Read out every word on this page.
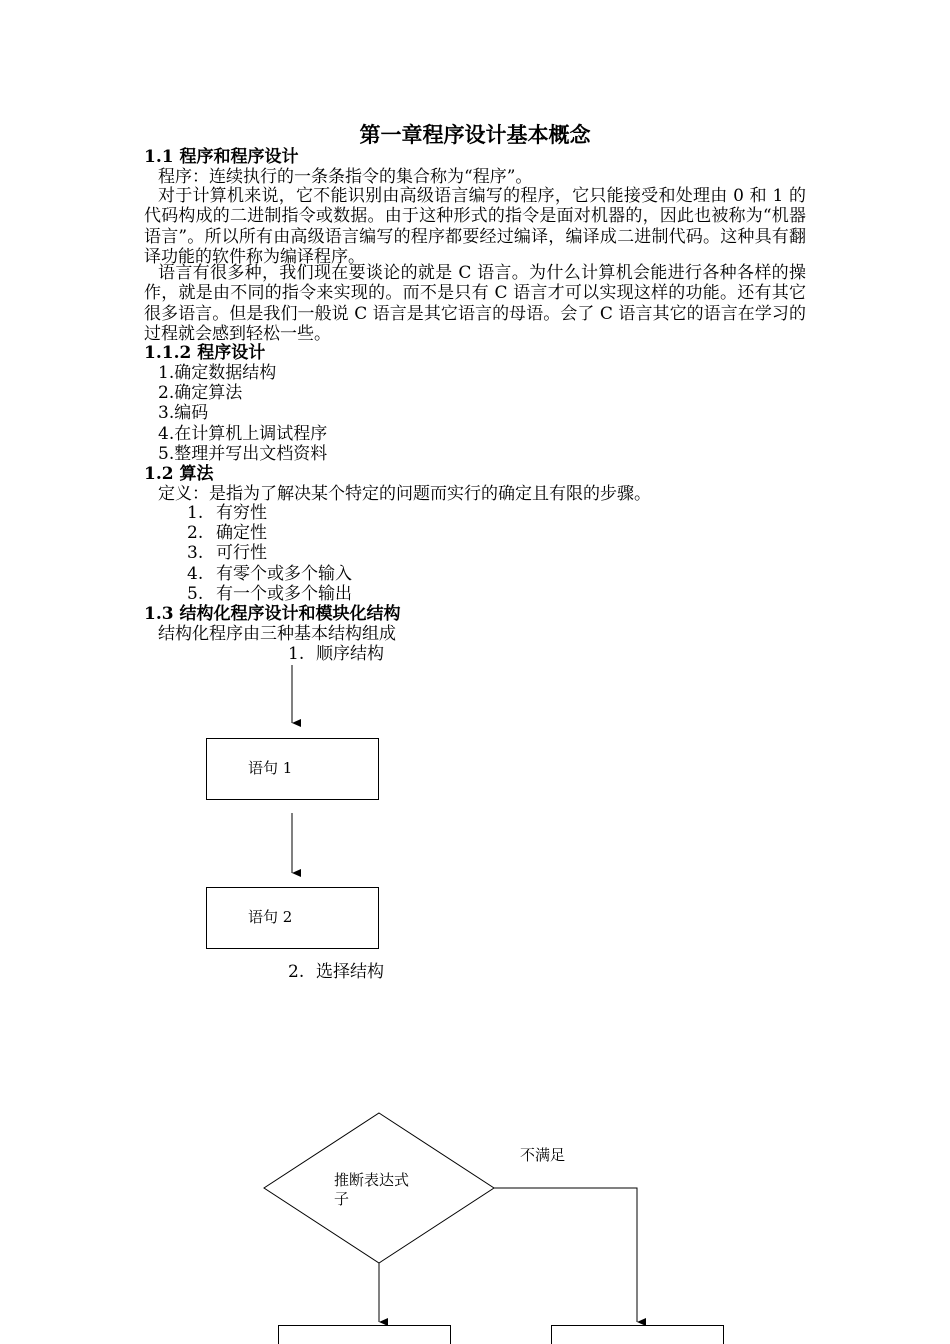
第一章程序设计基本概念
1.1 程序和程序设计
程序：连续执行的一条条指令的集合称为“程序”。
对于计算机来说，它不能识别由高级语言编写的程序，它只能接受和处理由 0 和 1 的代码构成的二进制指令或数据。由于这种形式的指令是面对机器的，因此也被称为“机器语言”。所以所有由高级语言编写的程序都要经过编译，编译成二进制代码。这种具有翻译功能的软件称为编译程序。
语言有很多种，我们现在要谈论的就是 C 语言。为什么计算机会能进行各种各样的操作，就是由不同的指令来实现的。而不是只有 C 语言才可以实现这样的功能。还有其它很多语言。但是我们一般说 C 语言是其它语言的母语。会了 C 语言其它的语言在学习的过程就会感到轻松一些。
1.1.2 程序设计
1.确定数据结构
2.确定算法
3.编码
4.在计算机上调试程序
5.整理并写出文档资料
1.2 算法
定义：是指为了解决某个特定的问题而实行的确定且有限的步骤。
1. 有穷性
2. 确定性
3. 可行性
4. 有零个或多个输入
5. 有一个或多个输出
1.3 结构化程序设计和模块化结构
结构化程序由三种基本结构组成
1. 顺序结构
2. 选择结构
语句 1
语句 2
推断表达式
子
不满足
